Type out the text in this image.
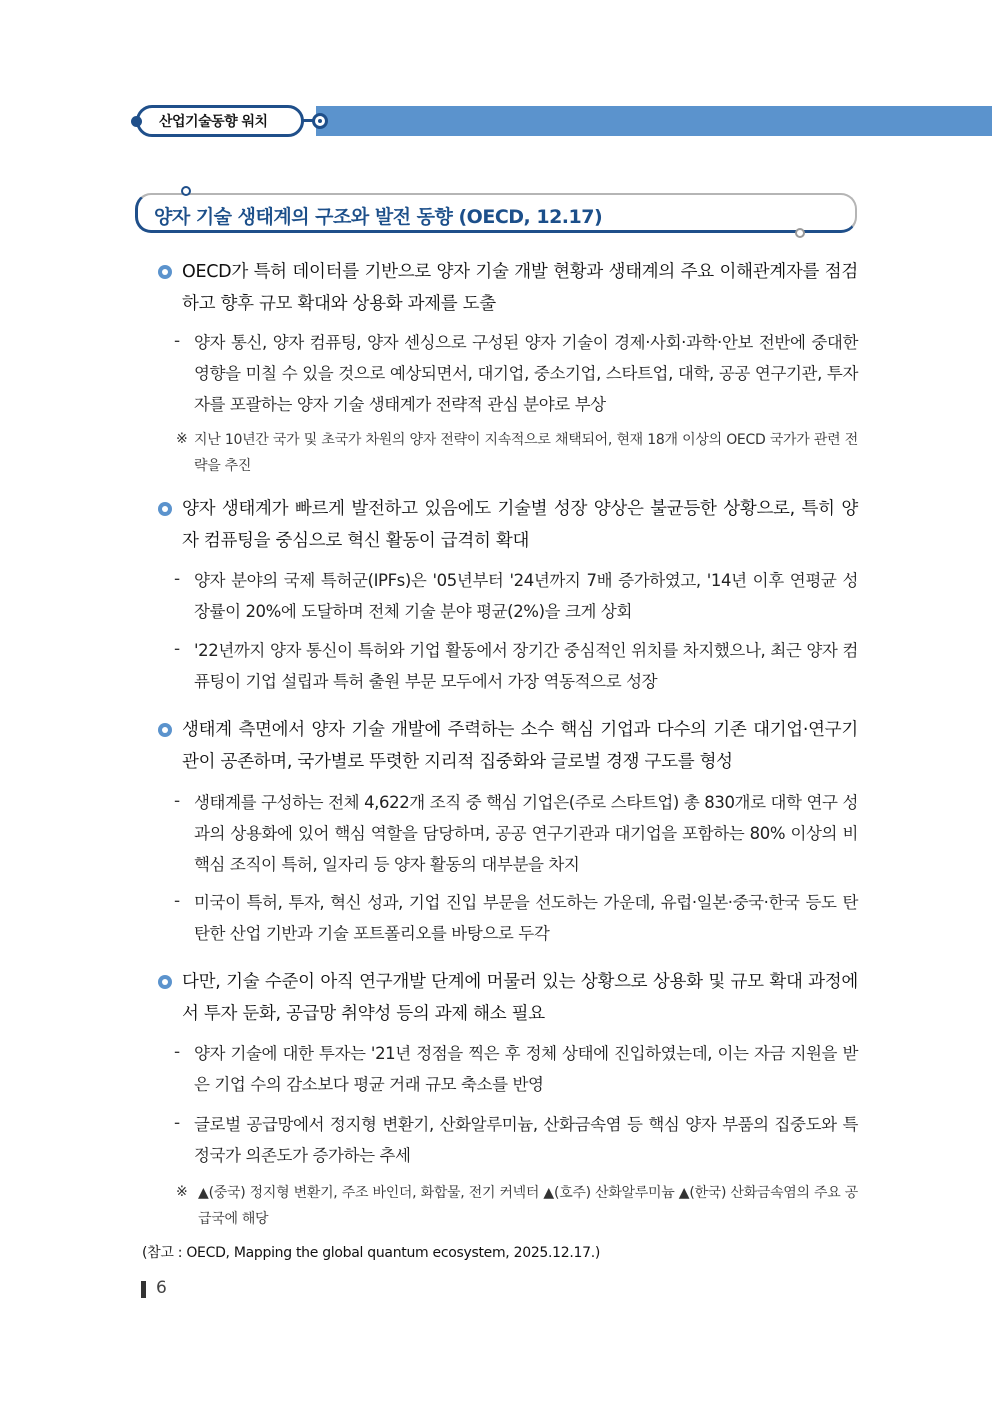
산업기술동향 워치
양자 기술 생태계의 구조와 발전 동향 (OECD, 12.17)
OECD가 특허 데이터를 기반으로 양자 기술 개발 현황과 생태계의 주요 이해관계자를 점검하고 향후 규모 확대와 상용화 과제를 도출
- 양자 통신, 양자 컴퓨팅, 양자 센싱으로 구성된 양자 기술이 경제·사회·과학·안보 전반에 중대한 영향을 미칠 수 있을 것으로 예상되면서, 대기업, 중소기업, 스타트업, 대학, 공공 연구기관, 투자자를 포괄하는 양자 기술 생태계가 전략적 관심 분야로 부상
※ 지난 10년간 국가 및 초국가 차원의 양자 전략이 지속적으로 채택되어, 현재 18개 이상의 OECD 국가가 관련 전략을 추진
양자 생태계가 빠르게 발전하고 있음에도 기술별 성장 양상은 불균등한 상황으로, 특히 양자 컴퓨팅을 중심으로 혁신 활동이 급격히 확대
- 양자 분야의 국제 특허군(IPFs)은 '05년부터 '24년까지 7배 증가하였고, '14년 이후 연평균 성장률이 20%에 도달하며 전체 기술 분야 평균(2%)을 크게 상회
- '22년까지 양자 통신이 특허와 기업 활동에서 장기간 중심적인 위치를 차지했으나, 최근 양자 컴퓨팅이 기업 설립과 특허 출원 부문 모두에서 가장 역동적으로 성장
생태계 측면에서 양자 기술 개발에 주력하는 소수 핵심 기업과 다수의 기존 대기업·연구기관이 공존하며, 국가별로 뚜렷한 지리적 집중화와 글로벌 경쟁 구도를 형성
- 생태계를 구성하는 전체 4,622개 조직 중 핵심 기업은(주로 스타트업) 총 830개로 대학 연구 성과의 상용화에 있어 핵심 역할을 담당하며, 공공 연구기관과 대기업을 포함하는 80% 이상의 비핵심 조직이 특허, 일자리 등 양자 활동의 대부분을 차지
- 미국이 특허, 투자, 혁신 성과, 기업 진입 부문을 선도하는 가운데, 유럽·일본·중국·한국 등도 탄탄한 산업 기반과 기술 포트폴리오를 바탕으로 두각
다만, 기술 수준이 아직 연구개발 단계에 머물러 있는 상황으로 상용화 및 규모 확대 과정에서 투자 둔화, 공급망 취약성 등의 과제 해소 필요
- 양자 기술에 대한 투자는 '21년 정점을 찍은 후 정체 상태에 진입하였는데, 이는 자금 지원을 받은 기업 수의 감소보다 평균 거래 규모 축소를 반영
- 글로벌 공급망에서 정지형 변환기, 산화알루미늄, 산화금속염 등 핵심 양자 부품의 집중도와 특정국가 의존도가 증가하는 추세
※ ▲(중국) 정지형 변환기, 주조 바인더, 화합물, 전기 커넥터 ▲(호주) 산화알루미늄 ▲(한국) 산화금속염의 주요 공급국에 해당
(참고 : OECD, Mapping the global quantum ecosystem, 2025.12.17.)
6
